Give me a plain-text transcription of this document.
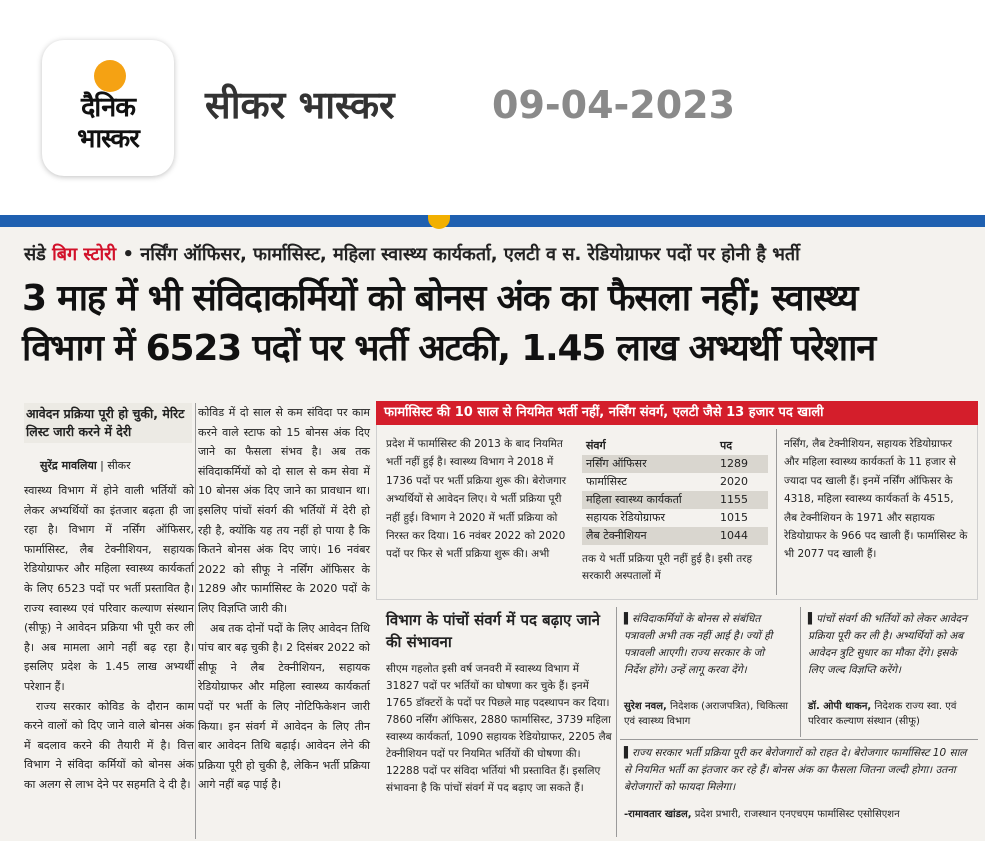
दैनिक
भास्कर
सीकर भास्कर	09-04-2023
संडे बिग स्टोरी • नर्सिंग ऑफिसर, फार्मासिस्ट, महिला स्वास्थ्य कार्यकर्ता, एलटी व स. रेडियोग्राफर पदों पर होनी है भर्ती
3 माह में भी संविदाकर्मियों को बोनस अंक का फैसला नहीं; स्वास्थ्य
विभाग में 6523 पदों पर भर्ती अटकी, 1.45 लाख अभ्यर्थी परेशान
आवेदन प्रक्रिया पूरी हो चुकी, मेरिट लिस्ट जारी करने में देरी
सुरेंद्र मावलिया | सीकर

स्वास्थ्य विभाग में होने वाली भर्तियों को लेकर अभ्यर्थियों का इंतजार बढ़ता ही जा रहा है। विभाग में नर्सिंग ऑफिसर, फार्मासिस्ट, लैब टेक्नीशियन, सहायक रेडियोग्राफर और महिला स्वास्थ्य कार्यकर्ता के लिए 6523 पदों पर भर्ती प्रस्तावित है। राज्य स्वास्थ्य एवं परिवार कल्याण संस्थान (सीफू) ने आवेदन प्रक्रिया भी पूरी कर ली है। अब मामला आगे नहीं बढ़ रहा है। इसलिए प्रदेश के 1.45 लाख अभ्यर्थी परेशान हैं।

राज्य सरकार कोविड के दौरान काम करने वालों को दिए जाने वाले बोनस अंक में बदलाव करने की तैयारी में है। वित्त विभाग ने संविदा कर्मियों को बोनस अंक का अलग से लाभ देने पर सहमति दे दी है।

कोविड में दो साल से कम संविदा पर काम करने वाले स्टाफ को 15 बोनस अंक दिए जाने का फैसला संभव है। अब तक संविदाकर्मियों को दो साल से कम सेवा में 10 बोनस अंक दिए जाने का प्रावधान था। इसलिए पांचों संवर्ग की भर्तियों में देरी हो रही है, क्योंकि यह तय नहीं हो पाया है कि कितने बोनस अंक दिए जाएं। 16 नवंबर 2022 को सीफू ने नर्सिंग ऑफिसर के 1289 और फार्मासिस्ट के 2020 पदों के लिए विज्ञप्ति जारी की।

अब तक दोनों पदों के लिए आवेदन तिथि पांच बार बढ़ चुकी है। 2 दिसंबर 2022 को सीफू ने लैब टेक्नीशियन, सहायक रेडियोग्राफर और महिला स्वास्थ्य कार्यकर्ता पदों पर भर्ती के लिए नोटिफिकेशन जारी किया। इन संवर्ग में आवेदन के लिए तीन बार आवेदन तिथि बढ़ाई। आवेदन लेने की प्रक्रिया पूरी हो चुकी है, लेकिन भर्ती प्रक्रिया आगे नहीं बढ़ पाई है।

फार्मासिस्ट की 10 साल से नियमित भर्ती नहीं, नर्सिंग संवर्ग, एलटी जैसे 13 हजार पद खाली
प्रदेश में फार्मासिस्ट की 2013 के बाद नियमित भर्ती नहीं हुई है। स्वास्थ्य विभाग ने 2018 में 1736 पदों पर भर्ती प्रक्रिया शुरू की। बेरोजगार अभ्यर्थियों से आवेदन लिए। ये भर्ती प्रक्रिया पूरी नहीं हुई। विभाग ने 2020 में भर्ती प्रक्रिया को निरस्त कर दिया। 16 नवंबर 2022 को 2020 पदों पर फिर से भर्ती प्रक्रिया शुरू की। अभी
संवर्ग	पद
नर्सिंग ऑफिसर	1289
फार्मासिस्ट	2020
महिला स्वास्थ्य कार्यकर्ता	1155
सहायक रेडियोग्राफर	1015
लैब टेक्नीशियन	1044
तक ये भर्ती प्रक्रिया पूरी नहीं हुई है। इसी तरह सरकारी अस्पतालों में
नर्सिंग, लैब टेक्नीशियन, सहायक रेडियोग्राफर और महिला स्वास्थ्य कार्यकर्ता के 11 हजार से ज्यादा पद खाली हैं। इनमें नर्सिंग ऑफिसर के 4318, महिला स्वास्थ्य कार्यकर्ता के 4515, लैब टेक्नीशियन के 1971 और सहायक रेडियोग्राफर के 966 पद खाली हैं। फार्मासिस्ट के भी 2077 पद खाली हैं।
विभाग के पांचों संवर्ग में पद बढ़ाए जाने की संभावना
सीएम गहलोत इसी वर्ष जनवरी में स्वास्थ्य विभाग में 31827 पदों पर भर्तियों का घोषणा कर चुके हैं। इनमें 1765 डॉक्टरों के पदों पर पिछले माह पदस्थापन कर दिया। 7860 नर्सिंग ऑफिसर, 2880 फार्मासिस्ट, 3739 महिला स्वास्थ्य कार्यकर्ता, 1090 सहायक रेडियोग्राफर, 2205 लैब टेक्नीशियन पदों पर नियमित भर्तियों की घोषणा की। 12288 पदों पर संविदा भर्तियां भी प्रस्तावित हैं। इसलिए संभावना है कि पांचों संवर्ग में पद बढ़ाए जा सकते हैं।
▌संविदाकर्मियों के बोनस से संबंधित पत्रावली अभी तक नहीं आई है। ज्यों ही पत्रावली आएगी। राज्य सरकार के जो निर्देश होंगे। उन्हें लागू करवा देंगे।
सुरेश नवल, निदेशक (अराजपत्रित), चिकित्सा एवं स्वास्थ्य विभाग
▌पांचों संवर्ग की भर्तियों को लेकर आवेदन प्रक्रिया पूरी कर ली है। अभ्यर्थियों को अब आवेदन त्रुटि सुधार का मौका देंगे। इसके लिए जल्द विज्ञप्ति करेंगे।
डॉ. ओपी थाकन, निदेशक राज्य स्वा. एवं परिवार कल्याण संस्थान (सीफू)
▌राज्य सरकार भर्ती प्रक्रिया पूरी कर बेरोजगारों को राहत दे। बेरोजगार फार्मासिस्ट 10 साल से नियमित भर्ती का इंतजार कर रहे हैं। बोनस अंक का फैसला जितना जल्दी होगा। उतना बेरोजगारों को फायदा मिलेगा।
-रामावतार खांडल, प्रदेश प्रभारी, राजस्थान एनएचएम फार्मासिस्ट एसोसिएशन
